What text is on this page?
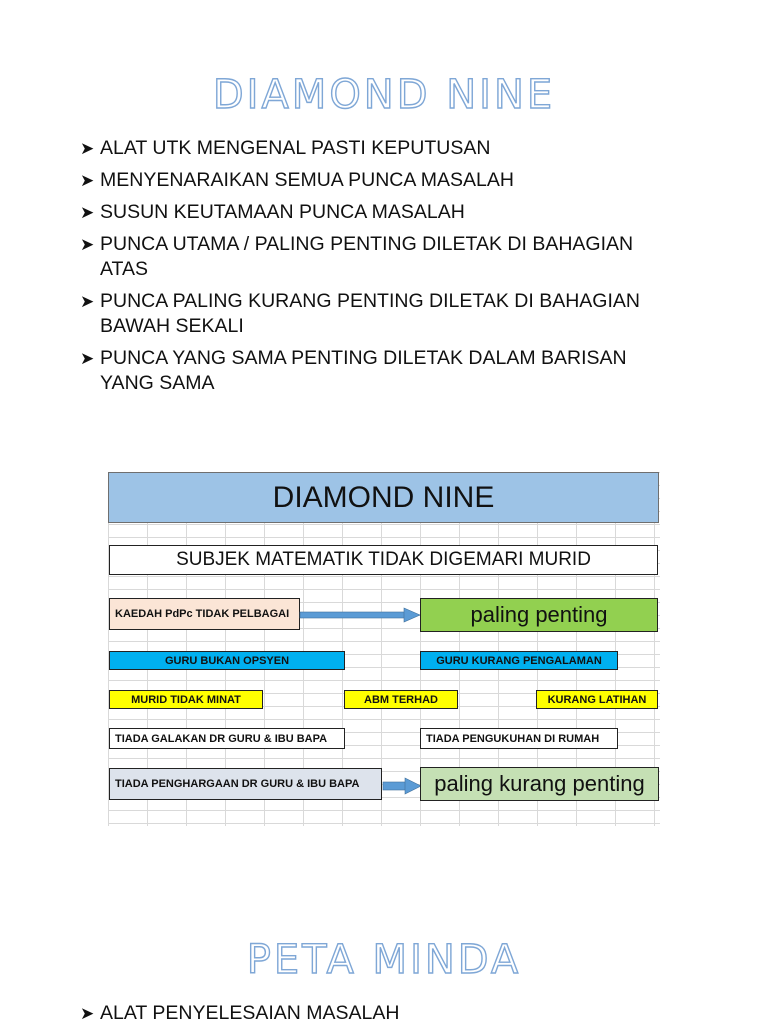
DIAMOND NINE
➤ ALAT UTK MENGENAL PASTI KEPUTUSAN
➤ MENYENARAIKAN SEMUA PUNCA MASALAH
➤ SUSUN KEUTAMAAN PUNCA MASALAH
➤ PUNCA UTAMA / PALING PENTING DILETAK DI BAHAGIAN ATAS
➤ PUNCA PALING KURANG PENTING DILETAK DI BAHAGIAN BAWAH SEKALI
➤ PUNCA YANG SAMA PENTING DILETAK DALAM BARISAN YANG SAMA
DIAMOND NINE
SUBJEK MATEMATIK TIDAK DIGEMARI MURID
KAEDAH PdPc TIDAK PELBAGAI	paling penting
GURU BUKAN OPSYEN	GURU KURANG PENGALAMAN
MURID TIDAK MINAT	ABM TERHAD	KURANG LATIHAN
TIADA GALAKAN DR GURU & IBU BAPA	TIADA PENGUKUHAN DI RUMAH
TIADA PENGHARGAAN DR GURU & IBU BAPA	paling kurang penting
PETA MINDA
➤ ALAT PENYELESAIAN MASALAH
